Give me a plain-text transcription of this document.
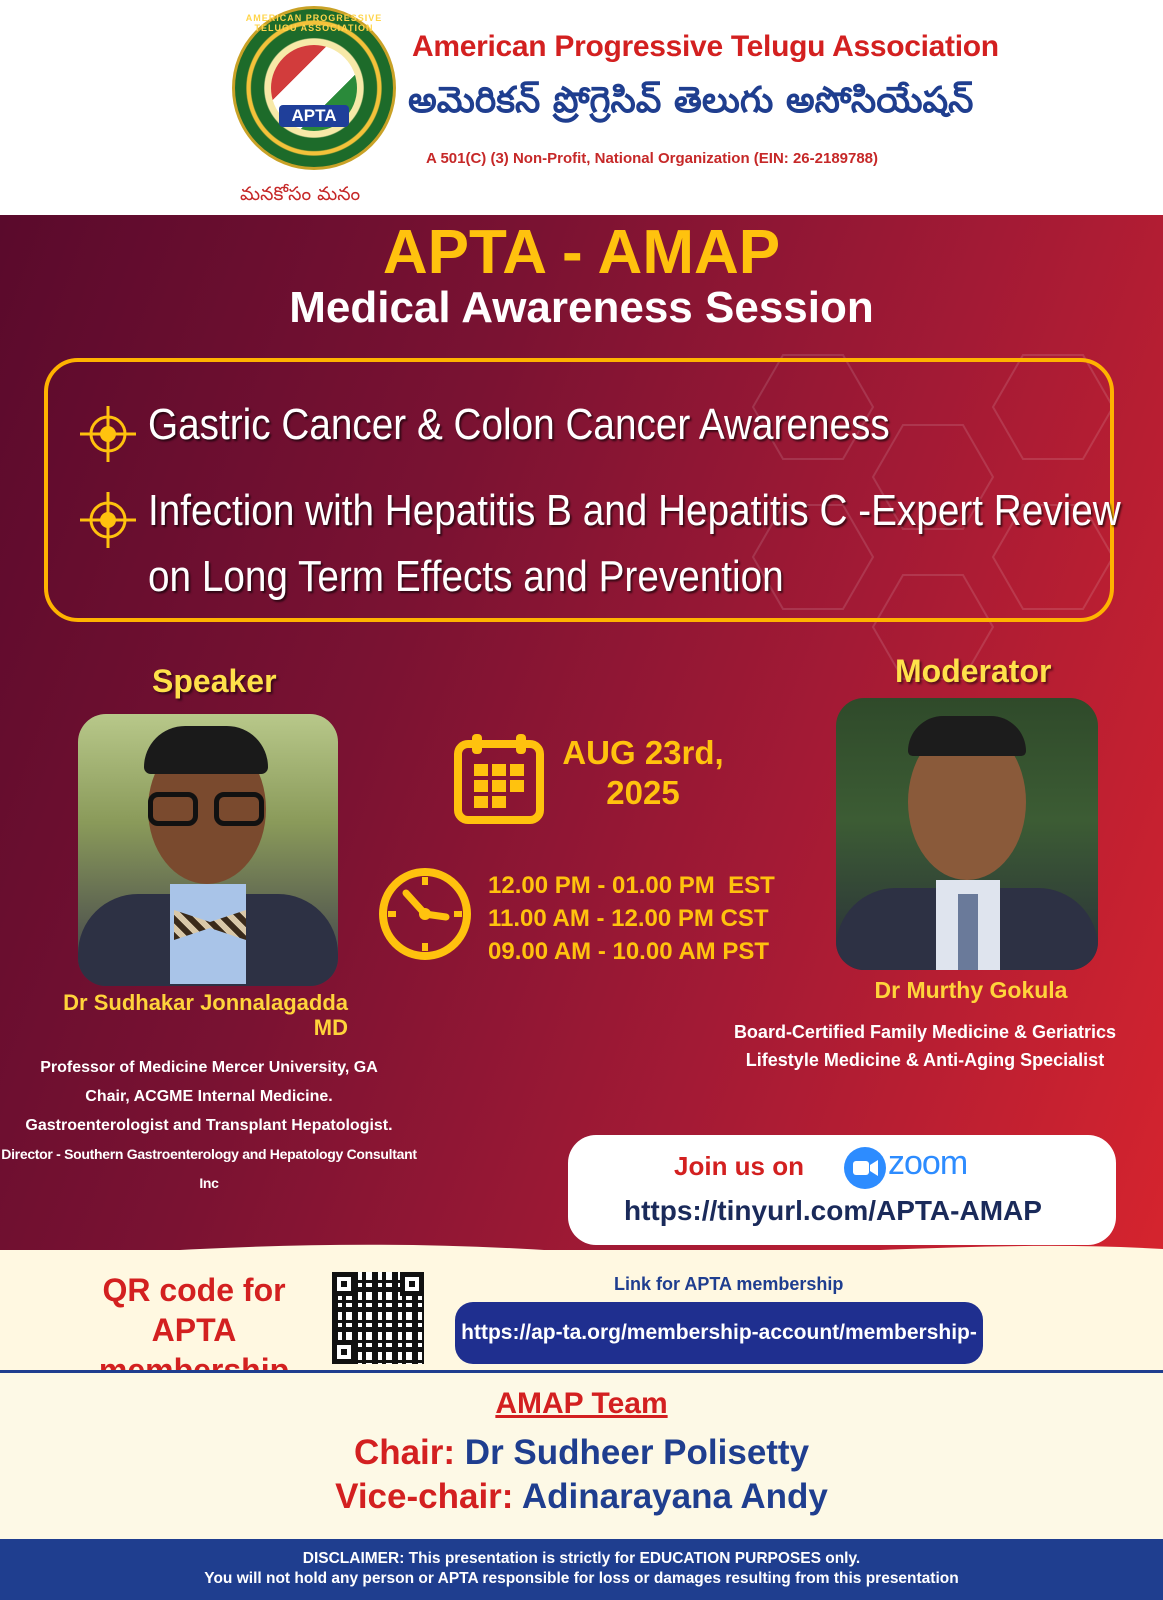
AMERICAN PROGRESSIVE TELUGU ASSOCIATION
APTA
మనకోసం మనం
American Progressive Telugu Association
అమెరికన్ ప్రోగ్రెసివ్ తెలుగు అసోసియేషన్
A 501(C) (3) Non-Profit, National Organization (EIN: 26-2189788)
APTA - AMAP
Medical Awareness Session
Gastric Cancer & Colon Cancer Awareness
Infection with Hepatitis B and Hepatitis C -Expert Review
on Long Term Effects and Prevention
Speaker	Moderator
Dr Sudhakar Jonnalagadda
MD
Professor of Medicine Mercer University, GA
Chair, ACGME Internal Medicine.
Gastroenterologist and Transplant Hepatologist.
Director - Southern Gastroenterology and Hepatology Consultant Inc
Dr Murthy Gokula
Board-Certified Family Medicine & Geriatrics
Lifestyle Medicine & Anti-Aging Specialist
AUG 23rd,
2025
12.00 PM - 01.00 PM  EST
11.00 AM - 12.00 PM CST
09.00 AM - 10.00 AM PST
Join us on zoom
https://tinyurl.com/APTA-AMAP
QR code for
APTA
Link for APTA membership
https://ap-ta.org/membership-account/membership-
AMAP Team
Chair: Dr Sudheer Polisetty
Vice-chair: Adinarayana Andy
DISCLAIMER: This presentation is strictly for EDUCATION PURPOSES only.
You will not hold any person or APTA responsible for loss or damages resulting from this presentation
